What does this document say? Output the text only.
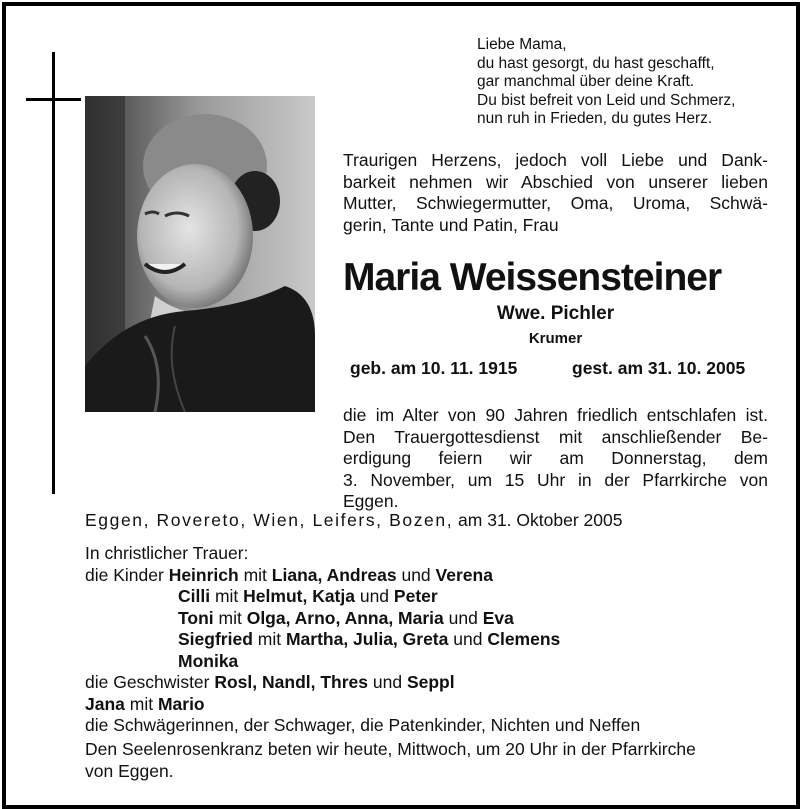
Liebe Mama,
du hast gesorgt, du hast geschafft,
gar manchmal über deine Kraft.
Du bist befreit von Leid und Schmerz,
nun ruh in Frieden, du gutes Herz.
Traurigen Herzens, jedoch voll Liebe und Dank-
barkeit nehmen wir Abschied von unserer lieben
Mutter, Schwiegermutter, Oma, Uroma, Schwä-
gerin, Tante und Patin, Frau
Maria Weissensteiner
Wwe. Pichler
Krumer
geb. am 10. 11. 1915	gest. am 31. 10. 2005
die im Alter von 90 Jahren friedlich entschlafen ist.
Den Trauergottesdienst mit anschließender Be-
erdigung feiern wir am Donnerstag, dem
3. November, um 15 Uhr in der Pfarrkirche von
Eggen.
Eggen, Rovereto, Wien, Leifers, Bozen, am 31. Oktober 2005
In christlicher Trauer:
die Kinder Heinrich mit Liana, Andreas und Verena
Cilli mit Helmut, Katja und Peter
Toni mit Olga, Arno, Anna, Maria und Eva
Siegfried mit Martha, Julia, Greta und Clemens
Monika
die Geschwister Rosl, Nandl, Thres und Seppl
Jana mit Mario
die Schwägerinnen, der Schwager, die Patenkinder, Nichten und Neffen
Den Seelenrosenkranz beten wir heute, Mittwoch, um 20 Uhr in der Pfarrkirche
von Eggen.
